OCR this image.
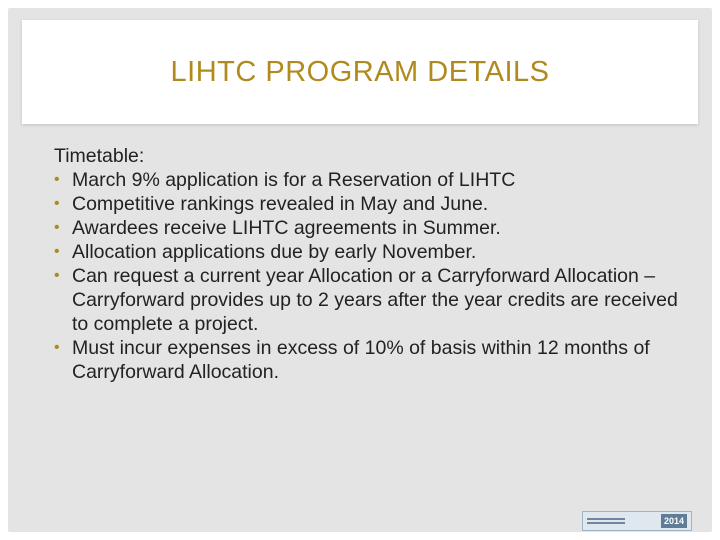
LIHTC PROGRAM DETAILS
Timetable:
• March 9% application is for a Reservation of LIHTC
• Competitive rankings revealed in May and June.
• Awardees receive LIHTC agreements in Summer.
• Allocation applications due by early November.
• Can request a current year Allocation or a Carryforward Allocation – Carryforward provides up to 2 years after the year credits are received to complete a project.
• Must incur expenses in excess of 10% of basis within 12 months of Carryforward Allocation.
2014
